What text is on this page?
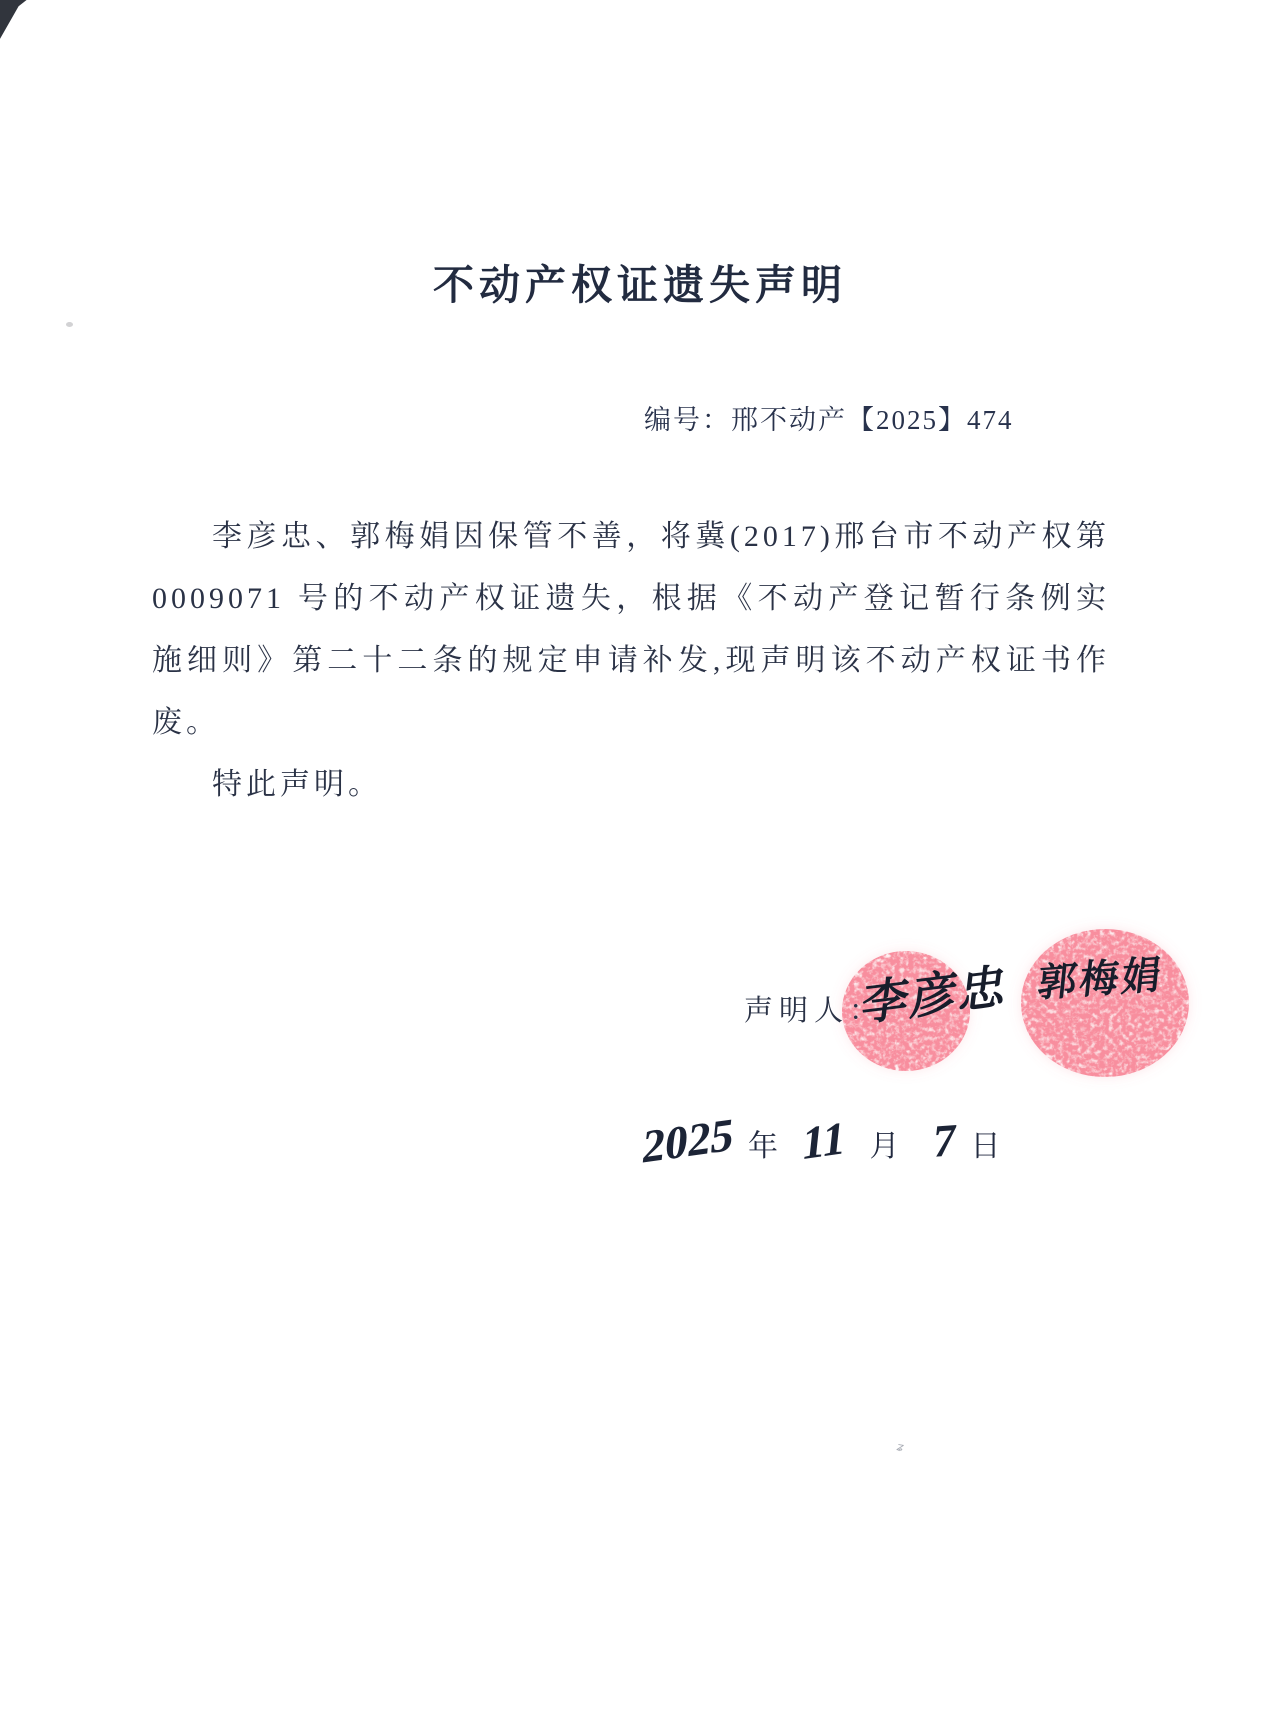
ᶽ
不动产权证遗失声明
编号：邢不动产【2025】474

李彦忠、郭梅娟因保管不善，将冀(2017)邢台市不动产权第0009071 号的不动产权证遗失，根据《不动产登记暂行条例实施细则》第二十二条的规定申请补发,现声明该不动产权证书作废。

特此声明。

声明人：
李彦忠 郭梅娟
2025 年 11 月 7 日
